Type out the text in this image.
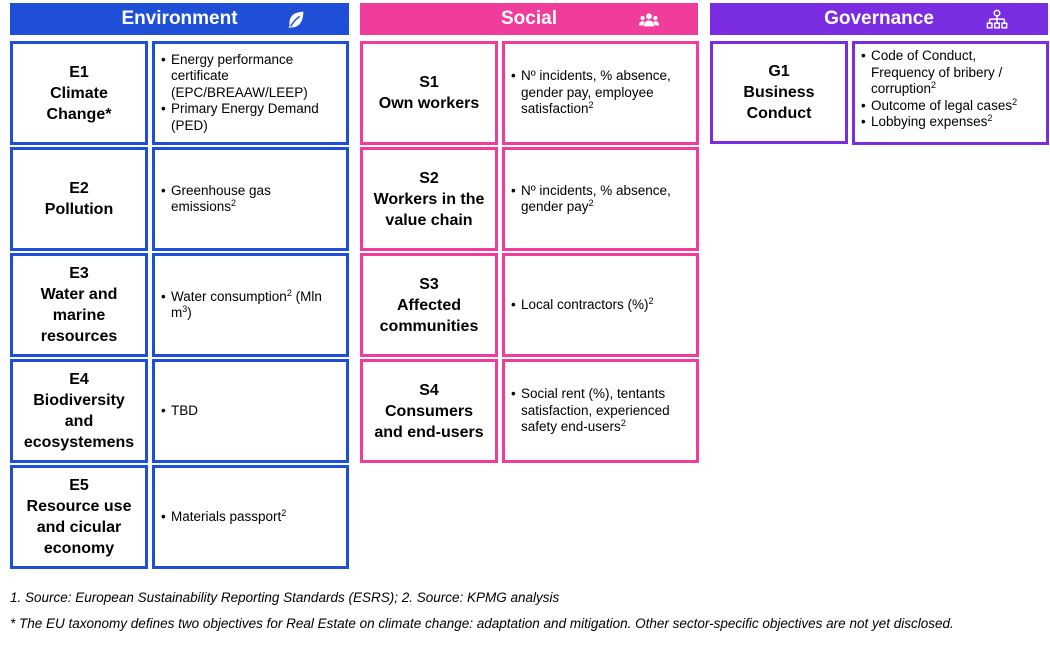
Environment
E1
Climate
Change*
• Energy performance certificate (EPC/BREAAW/LEEP)
• Primary Energy Demand (PED)
E2
Pollution
• Greenhouse gas emissions$^2$
E3
Water and
marine
resources
• Water consumption$^2$ (Mln $m^3$)
E4
Biodiversity
and
ecosystemens
• TBD
E5
Resource use
and cicular
economy
• Materials passport$^2$
Social
S1
Own workers
• Nº incidents, % absence, gender pay, employee satisfaction$^2$
S2
Workers in the
value chain
• Nº incidents, % absence, gender pay$^2$
S3
Affected
communities
• Local contractors (%)$^2$
S4
Consumers
and end-users
• Social rent (%), tentants satisfaction, experienced safety end-users$^2$
Governance
G1
Business
Conduct
• Code of Conduct, Frequency of bribery / corruption$^2$
• Outcome of legal cases$^2$
• Lobbying expenses$^2$
1. Source: European Sustainability Reporting Standards (ESRS); 2. Source: KPMG analysis
* The EU taxonomy defines two objectives for Real Estate on climate change: adaptation and mitigation. Other sector-specific objectives are not yet disclosed.
